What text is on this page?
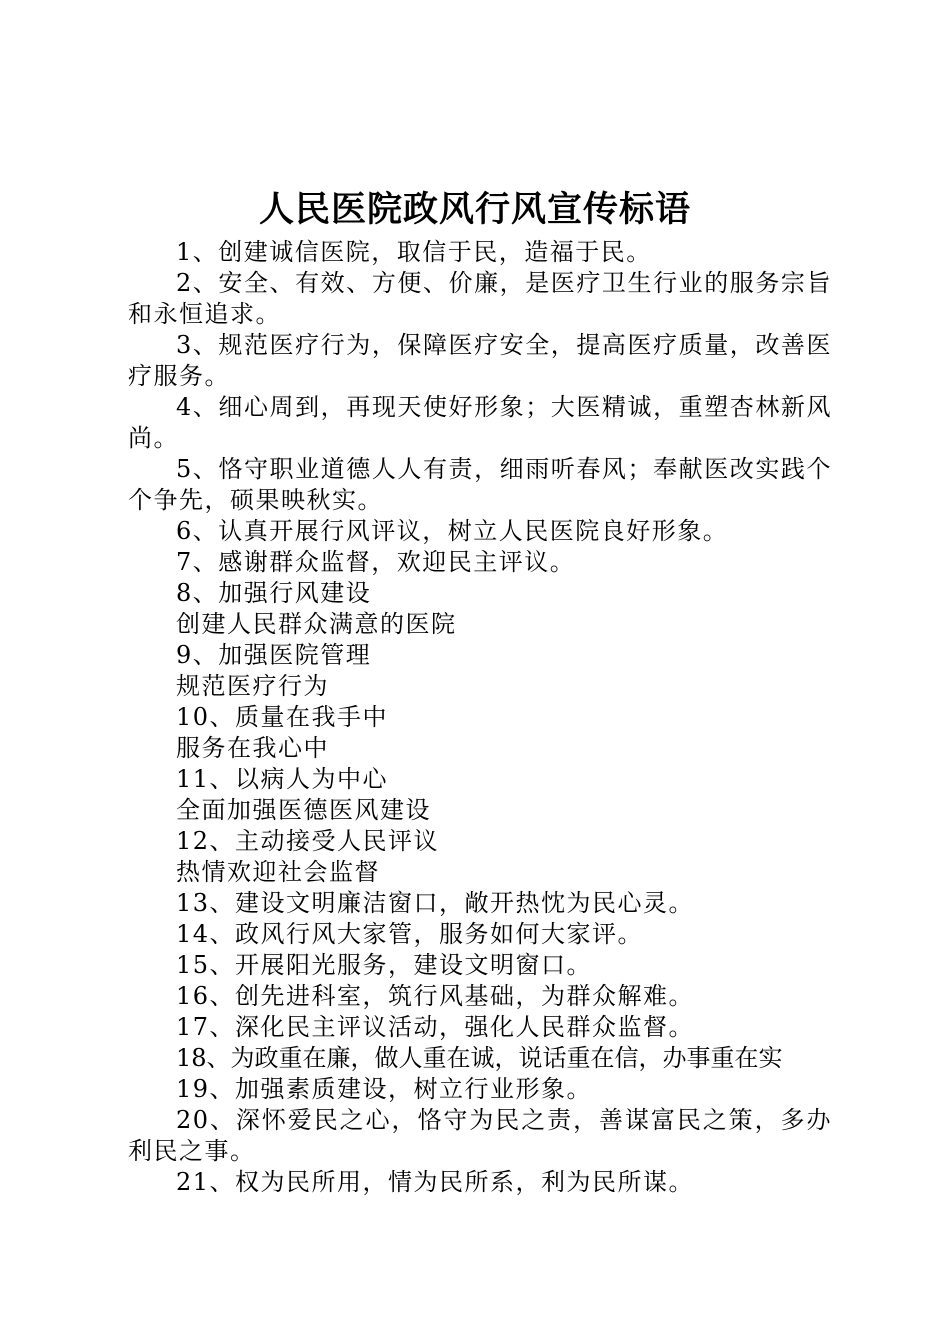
人民医院政风行风宣传标语

1、创建诚信医院，取信于民，造福于民。

2、安全、有效、方便、价廉，是医疗卫生行业的服务宗旨和永恒追求。

3、规范医疗行为，保障医疗安全，提高医疗质量，改善医疗服务。

4、细心周到，再现天使好形象；大医精诚，重塑杏林新风尚。

5、恪守职业道德人人有责，细雨听春风；奉献医改实践个个争先，硕果映秋实。

6、认真开展行风评议，树立人民医院良好形象。

7、感谢群众监督，欢迎民主评议。

8、加强行风建设

创建人民群众满意的医院

9、加强医院管理

规范医疗行为

10、质量在我手中

服务在我心中

11、以病人为中心

全面加强医德医风建设

12、主动接受人民评议

热情欢迎社会监督

13、建设文明廉洁窗口，敞开热忱为民心灵。

14、政风行风大家管，服务如何大家评。

15、开展阳光服务，建设文明窗口。

16、创先进科室，筑行风基础，为群众解难。

17、深化民主评议活动，强化人民群众监督。

18、为政重在廉，做人重在诚，说话重在信，办事重在实

19、加强素质建设，树立行业形象。

20、深怀爱民之心，恪守为民之责，善谋富民之策，多办利民之事。

21、权为民所用，情为民所系，利为民所谋。
